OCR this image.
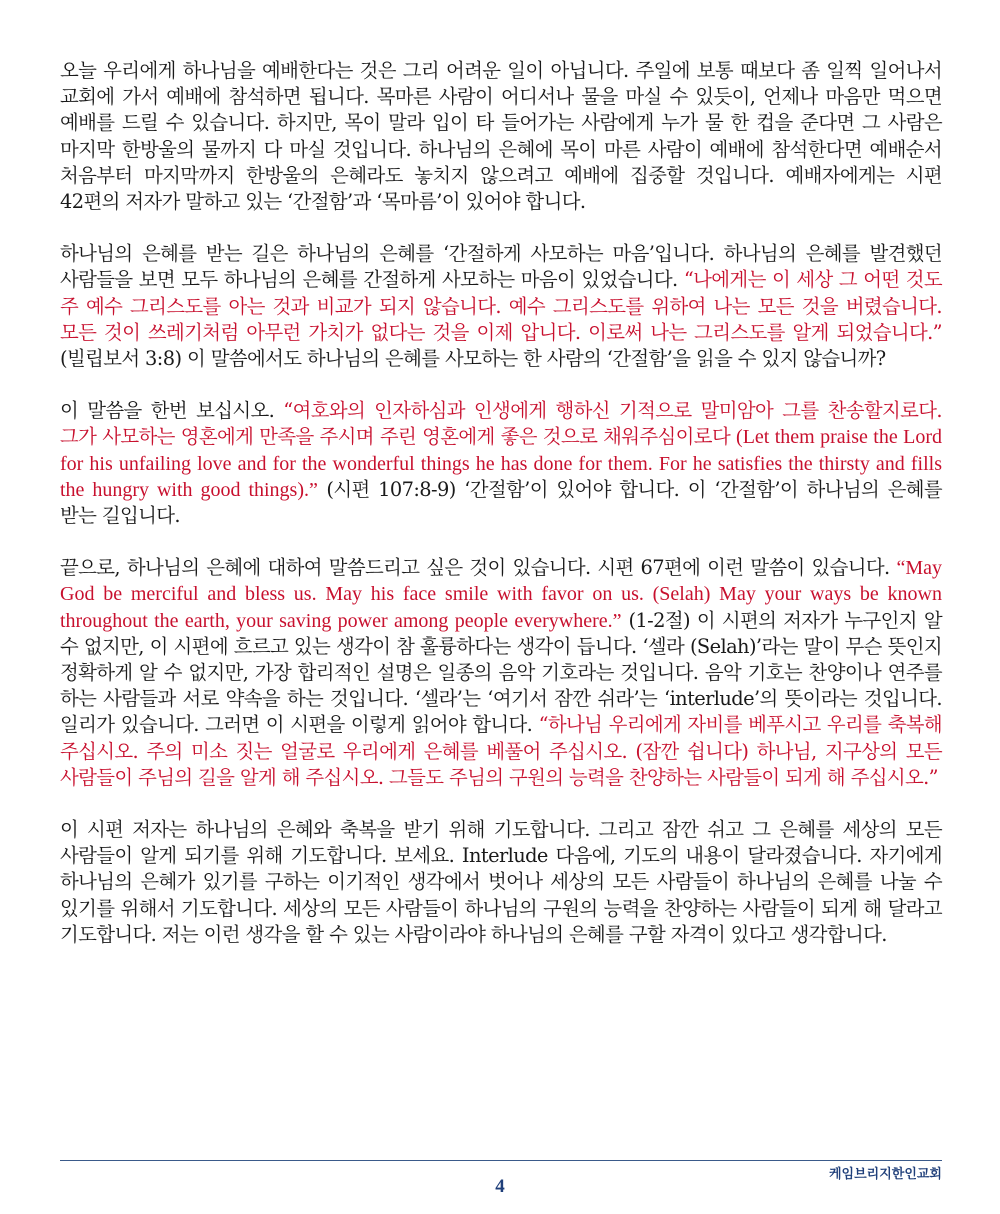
오늘 우리에게 하나님을 예배한다는 것은 그리 어려운 일이 아닙니다. 주일에 보통 때보다 좀 일찍 일어나서 교회에 가서 예배에 참석하면 됩니다. 목마른 사람이 어디서나 물을 마실 수 있듯이, 언제나 마음만 먹으면 예배를 드릴 수 있습니다. 하지만, 목이 말라 입이 타 들어가는 사람에게 누가 물 한 컵을 준다면 그 사람은 마지막 한방울의 물까지 다 마실 것입니다. 하나님의 은혜에 목이 마른 사람이 예배에 참석한다면 예배순서 처음부터 마지막까지 한방울의 은혜라도 놓치지 않으려고 예배에 집중할 것입니다. 예배자에게는 시편 42편의 저자가 말하고 있는 ‘간절함’과 ‘목마름’이 있어야 합니다.

하나님의 은혜를 받는 길은 하나님의 은혜를 ‘간절하게 사모하는 마음’입니다. 하나님의 은혜를 발견했던 사람들을 보면 모두 하나님의 은혜를 간절하게 사모하는 마음이 있었습니다. “나에게는 이 세상 그 어떤 것도 주 예수 그리스도를 아는 것과 비교가 되지 않습니다. 예수 그리스도를 위하여 나는 모든 것을 버렸습니다. 모든 것이 쓰레기처럼 아무런 가치가 없다는 것을 이제 압니다. 이로써 나는 그리스도를 알게 되었습니다.” (빌립보서 3:8) 이 말씀에서도 하나님의 은혜를 사모하는 한 사람의 ‘간절함’을 읽을 수 있지 않습니까?

이 말씀을 한번 보십시오. “여호와의 인자하심과 인생에게 행하신 기적으로 말미암아 그를 찬송할지로다. 그가 사모하는 영혼에게 만족을 주시며 주린 영혼에게 좋은 것으로 채워주심이로다 (Let them praise the Lord for his unfailing love and for the wonderful things he has done for them. For he satisfies the thirsty and fills the hungry with good things).” (시편 107:8-9) ‘간절함’이 있어야 합니다. 이 ‘간절함’이 하나님의 은혜를 받는 길입니다.

끝으로, 하나님의 은혜에 대하여 말씀드리고 싶은 것이 있습니다. 시편 67편에 이런 말씀이 있습니다. “May God be merciful and bless us. May his face smile with favor on us. (Selah) May your ways be known throughout the earth, your saving power among people everywhere.” (1-2절) 이 시편의 저자가 누구인지 알 수 없지만, 이 시편에 흐르고 있는 생각이 참 훌륭하다는 생각이 듭니다. ‘셀라 (Selah)’라는 말이 무슨 뜻인지 정확하게 알 수 없지만, 가장 합리적인 설명은 일종의 음악 기호라는 것입니다. 음악 기호는 찬양이나 연주를 하는 사람들과 서로 약속을 하는 것입니다. ‘셀라’는 ‘여기서 잠깐 쉬라’는 ‘interlude’의 뜻이라는 것입니다. 일리가 있습니다. 그러면 이 시편을 이렇게 읽어야 합니다. “하나님 우리에게 자비를 베푸시고 우리를 축복해 주십시오. 주의 미소 짓는 얼굴로 우리에게 은혜를 베풀어 주십시오. (잠깐 쉽니다) 하나님, 지구상의 모든 사람들이 주님의 길을 알게 해 주십시오. 그들도 주님의 구원의 능력을 찬양하는 사람들이 되게 해 주십시오.”

이 시편 저자는 하나님의 은혜와 축복을 받기 위해 기도합니다. 그리고 잠깐 쉬고 그 은혜를 세상의 모든 사람들이 알게 되기를 위해 기도합니다. 보세요. Interlude 다음에, 기도의 내용이 달라졌습니다. 자기에게 하나님의 은혜가 있기를 구하는 이기적인 생각에서 벗어나 세상의 모든 사람들이 하나님의 은혜를 나눌 수 있기를 위해서 기도합니다. 세상의 모든 사람들이 하나님의 구원의 능력을 찬양하는 사람들이 되게 해 달라고 기도합니다. 저는 이런 생각을 할 수 있는 사람이라야 하나님의 은혜를 구할 자격이 있다고 생각합니다.

4
케임브리지한인교회
